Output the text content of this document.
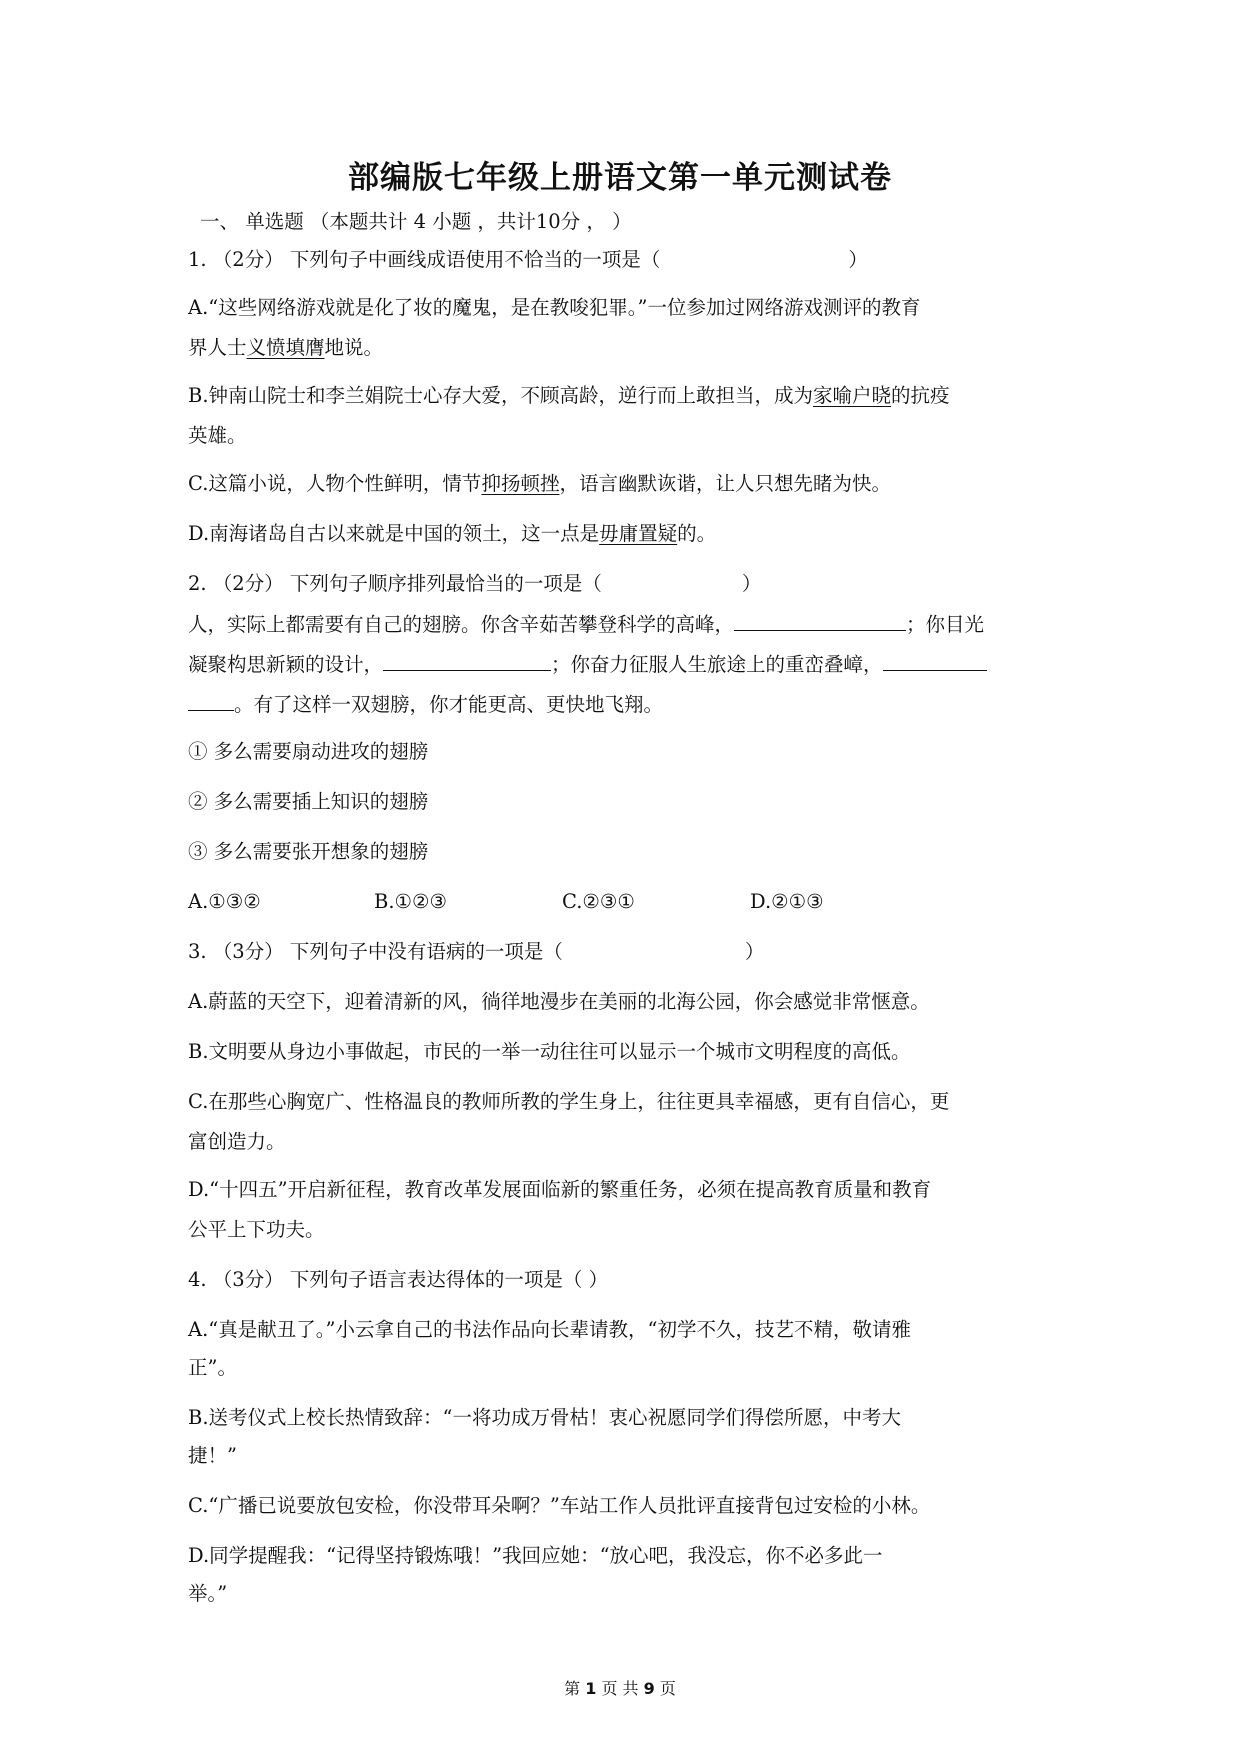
部编版七年级上册语文第一单元测试卷
一、 单选题 （本题共计 4 小题 ，共计10分 ， ）
1. （2分） 下列句子中画线成语使用不恰当的一项是（	）
A.“这些网络游戏就是化了妆的魔鬼，是在教唆犯罪。”一位参加过网络游戏测评的教育
界人士义愤填膺地说。
B.钟南山院士和李兰娟院士心存大爱，不顾高龄，逆行而上敢担当，成为家喻户晓的抗疫
英雄。
C.这篇小说，人物个性鲜明，情节抑扬顿挫，语言幽默诙谐，让人只想先睹为快。
D.南海诸岛自古以来就是中国的领土，这一点是毋庸置疑的。
2. （2分） 下列句子顺序排列最恰当的一项是（	）
人，实际上都需要有自己的翅膀。你含辛茹苦攀登科学的高峰，	；你目光
凝聚构思新颖的设计，	；你奋力征服人生旅途上的重峦叠嶂，
。有了这样一双翅膀，你才能更高、更快地飞翔。
① 多么需要扇动进攻的翅膀
② 多么需要插上知识的翅膀
③ 多么需要张开想象的翅膀
A.①③②	B.①②③	C.②③①	D.②①③
3. （3分） 下列句子中没有语病的一项是（	）
A.蔚蓝的天空下，迎着清新的风，徜徉地漫步在美丽的北海公园，你会感觉非常惬意。
B.文明要从身边小事做起，市民的一举一动往往可以显示一个城市文明程度的高低。
C.在那些心胸宽广、性格温良的教师所教的学生身上，往往更具幸福感，更有自信心，更
富创造力。
D.“十四五”开启新征程，教育改革发展面临新的繁重任务，必须在提高教育质量和教育
公平上下功夫。
4. （3分） 下列句子语言表达得体的一项是（ ）
A.“真是献丑了。”小云拿自己的书法作品向长辈请教，“初学不久，技艺不精，敬请雅
正”。
B.送考仪式上校长热情致辞：“一将功成万骨枯！衷心祝愿同学们得偿所愿，中考大
捷！”
C.“广播已说要放包安检，你没带耳朵啊？”车站工作人员批评直接背包过安检的小林。
D.同学提醒我：“记得坚持锻炼哦！”我回应她：“放心吧，我没忘，你不必多此一
举。”
第 1 页 共 9 页
